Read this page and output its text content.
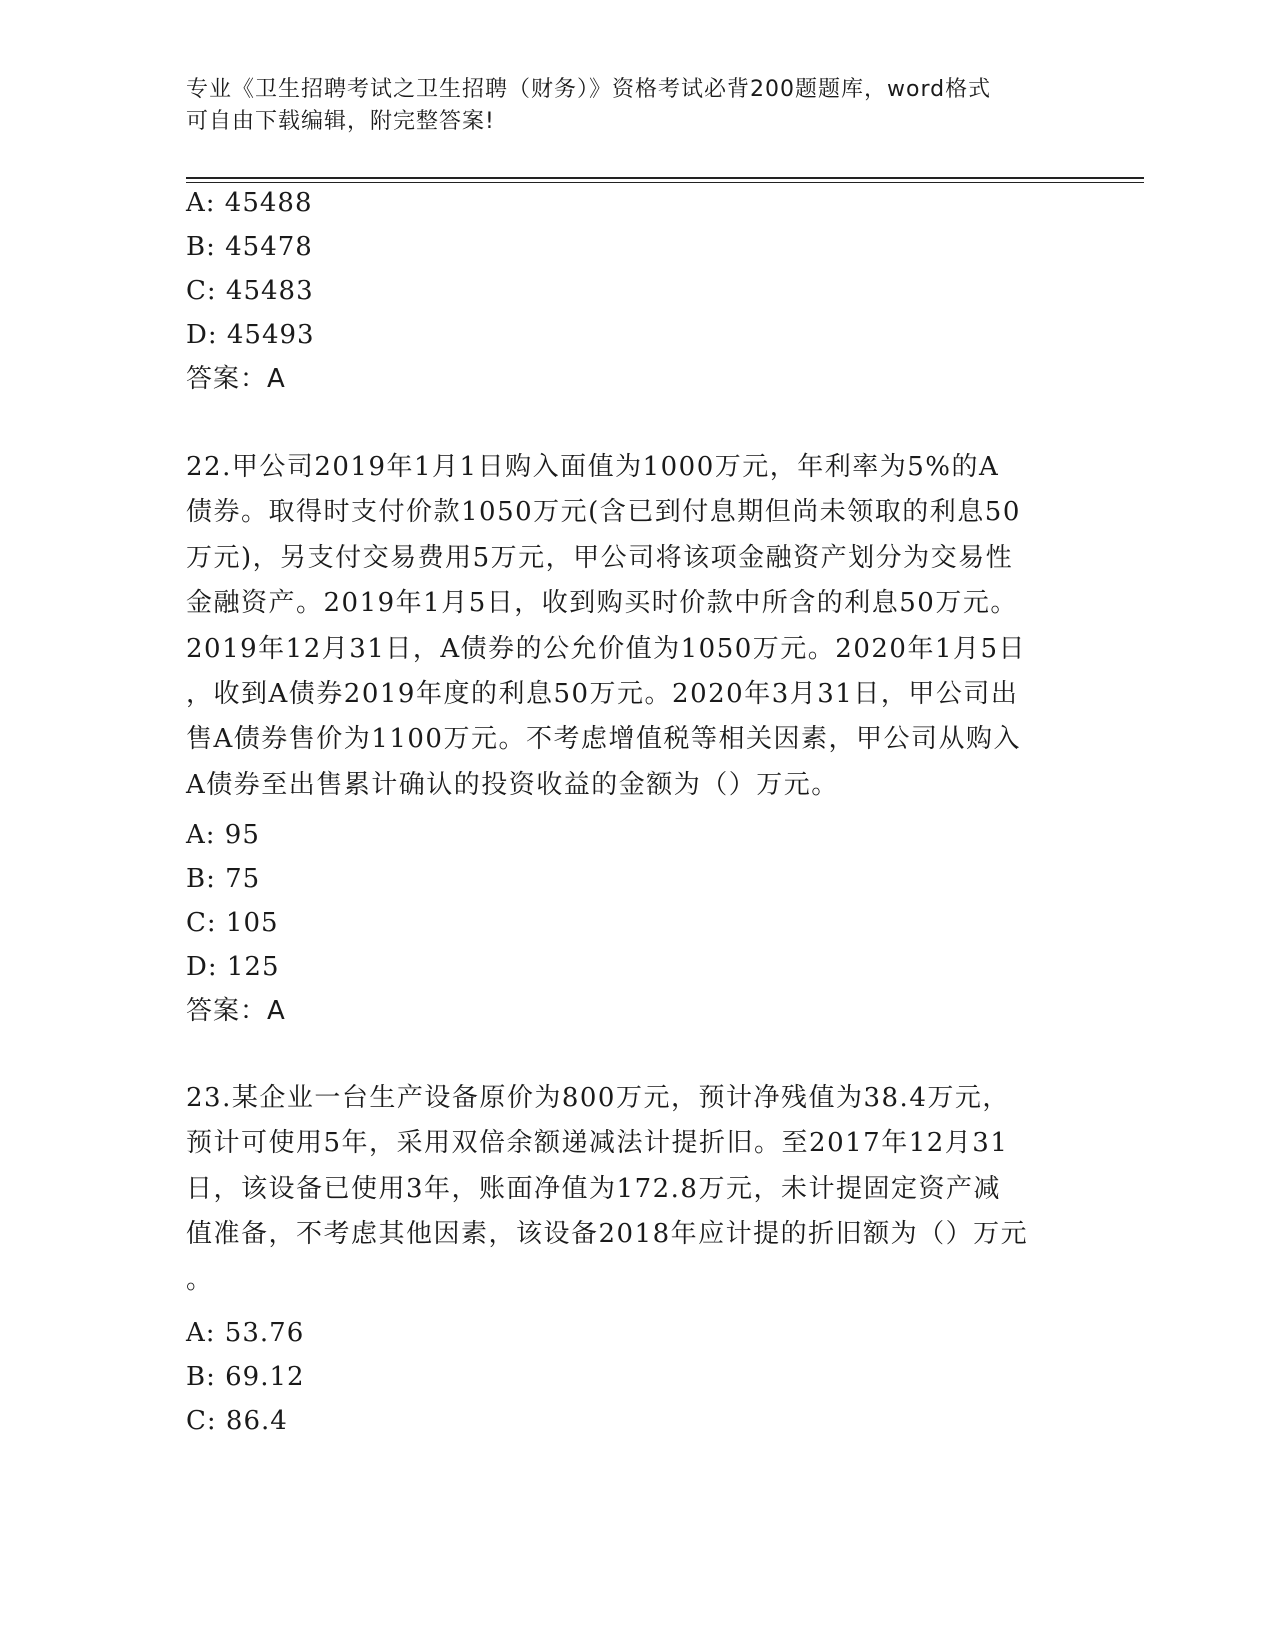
专业《卫生招聘考试之卫生招聘（财务）》资格考试必背200题题库，word格式
可自由下载编辑，附完整答案!
A: 45488
B: 45478
C: 45483
D: 45493
答案：A
22.甲公司2019年1月1日购入面值为1000万元，年利率为5%的A
债券。取得时支付价款1050万元(含已到付息期但尚未领取的利息50
万元)，另支付交易费用5万元，甲公司将该项金融资产划分为交易性
金融资产。2019年1月5日，收到购买时价款中所含的利息50万元。
2019年12月31日，A债券的公允价值为1050万元。2020年1月5日
，收到A债券2019年度的利息50万元。2020年3月31日，甲公司出
售A债券售价为1100万元。不考虑增值税等相关因素，甲公司从购入
A债券至出售累计确认的投资收益的金额为（）万元。
A: 95
B: 75
C: 105
D: 125
答案：A
23.某企业一台生产设备原价为800万元，预计净残值为38.4万元，
预计可使用5年，采用双倍余额递减法计提折旧。至2017年12月31
日，该设备已使用3年，账面净值为172.8万元，未计提固定资产减
值准备，不考虑其他因素，该设备2018年应计提的折旧额为（）万元
。
A: 53.76
B: 69.12
C: 86.4
